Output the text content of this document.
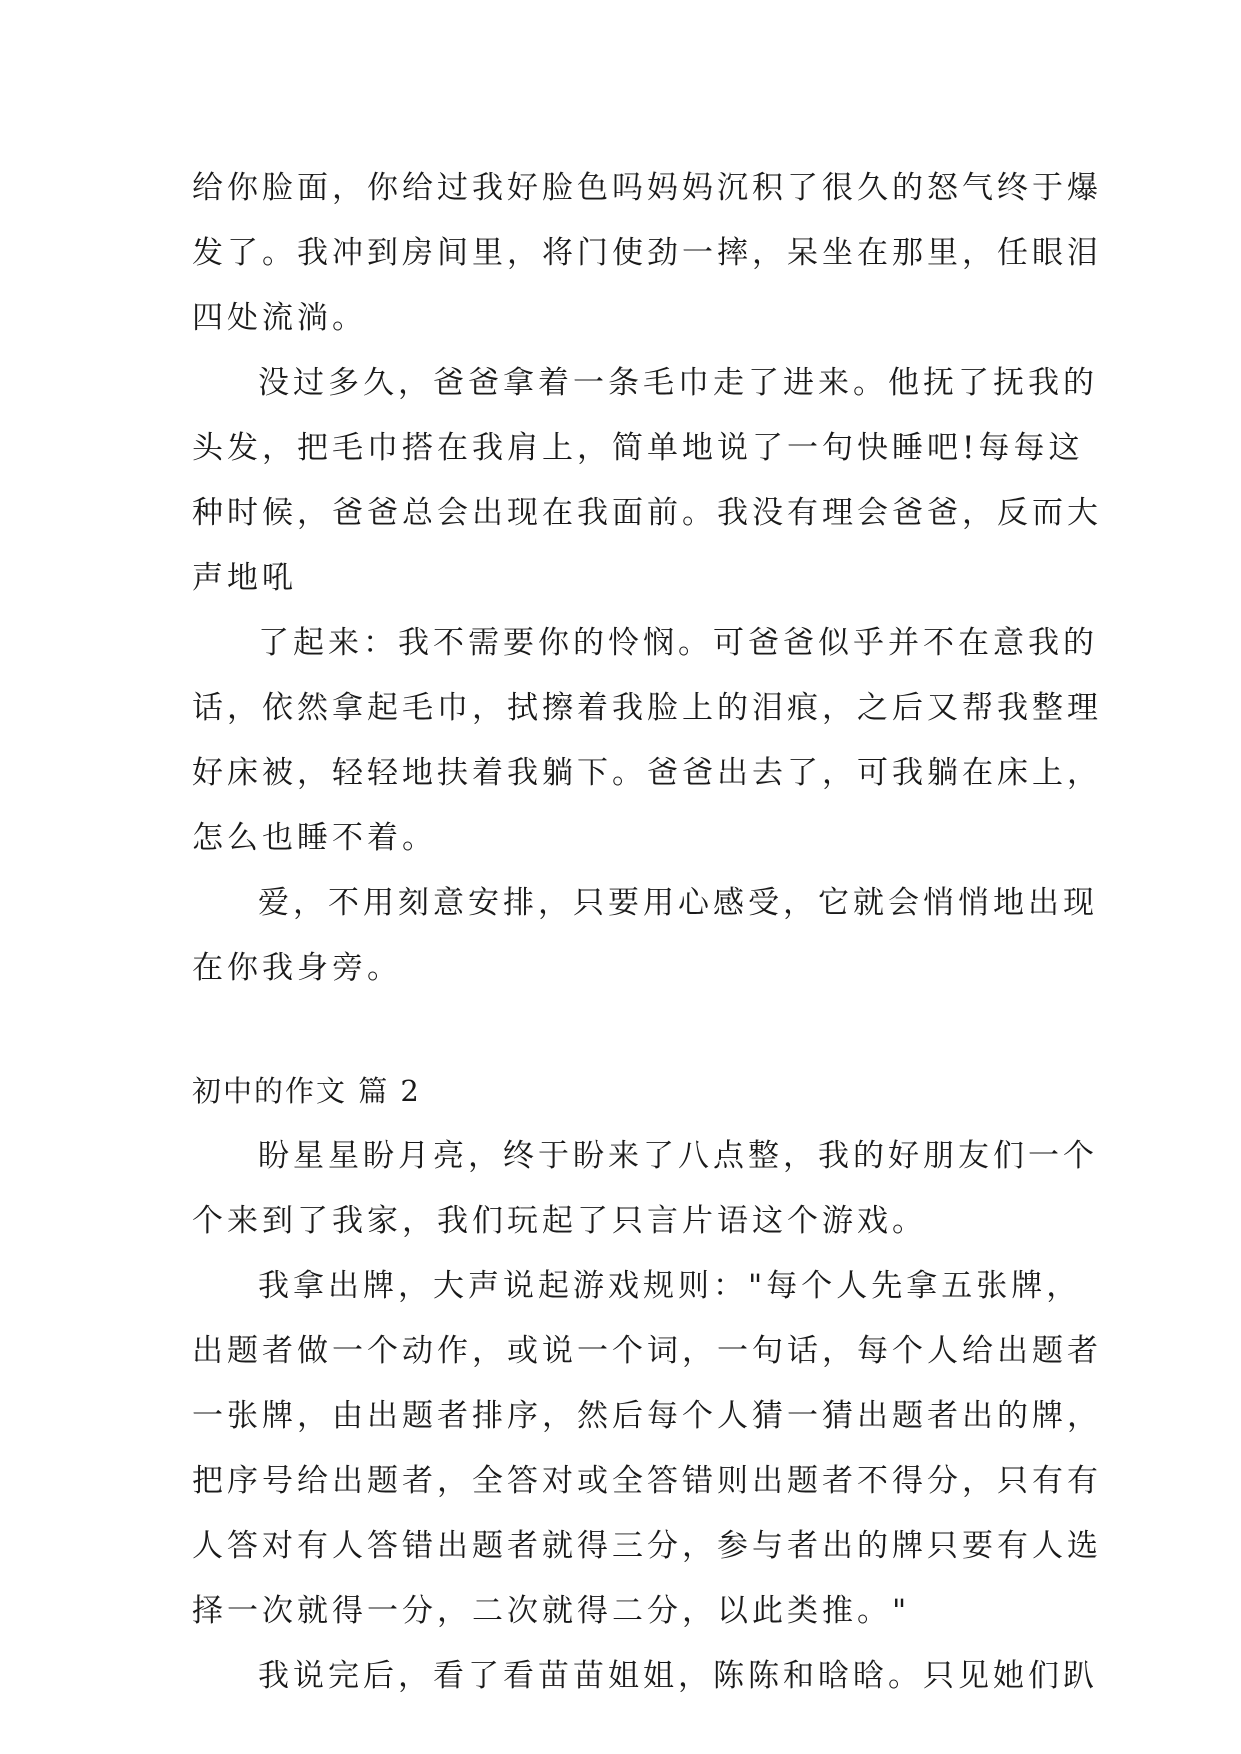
给你脸面，你给过我好脸色吗妈妈沉积了很久的怒气终于爆
发了。我冲到房间里，将门使劲一摔，呆坐在那里，任眼泪
四处流淌。
没过多久，爸爸拿着一条毛巾走了进来。他抚了抚我的
头发，把毛巾搭在我肩上，简单地说了一句快睡吧!每每这
种时候，爸爸总会出现在我面前。我没有理会爸爸，反而大
声地吼
了起来：我不需要你的怜悯。可爸爸似乎并不在意我的
话，依然拿起毛巾，拭擦着我脸上的泪痕，之后又帮我整理
好床被，轻轻地扶着我躺下。爸爸出去了，可我躺在床上，
怎么也睡不着。
爱，不用刻意安排，只要用心感受，它就会悄悄地出现
在你我身旁。
初中的作文 篇 2
盼星星盼月亮，终于盼来了八点整，我的好朋友们一个
个来到了我家，我们玩起了只言片语这个游戏。
我拿出牌，大声说起游戏规则："每个人先拿五张牌，
出题者做一个动作，或说一个词，一句话，每个人给出题者
一张牌，由出题者排序，然后每个人猜一猜出题者出的牌，
把序号给出题者，全答对或全答错则出题者不得分，只有有
人答对有人答错出题者就得三分，参与者出的牌只要有人选
择一次就得一分，二次就得二分，以此类推。"
我说完后，看了看苗苗姐姐，陈陈和晗晗。只见她们趴
